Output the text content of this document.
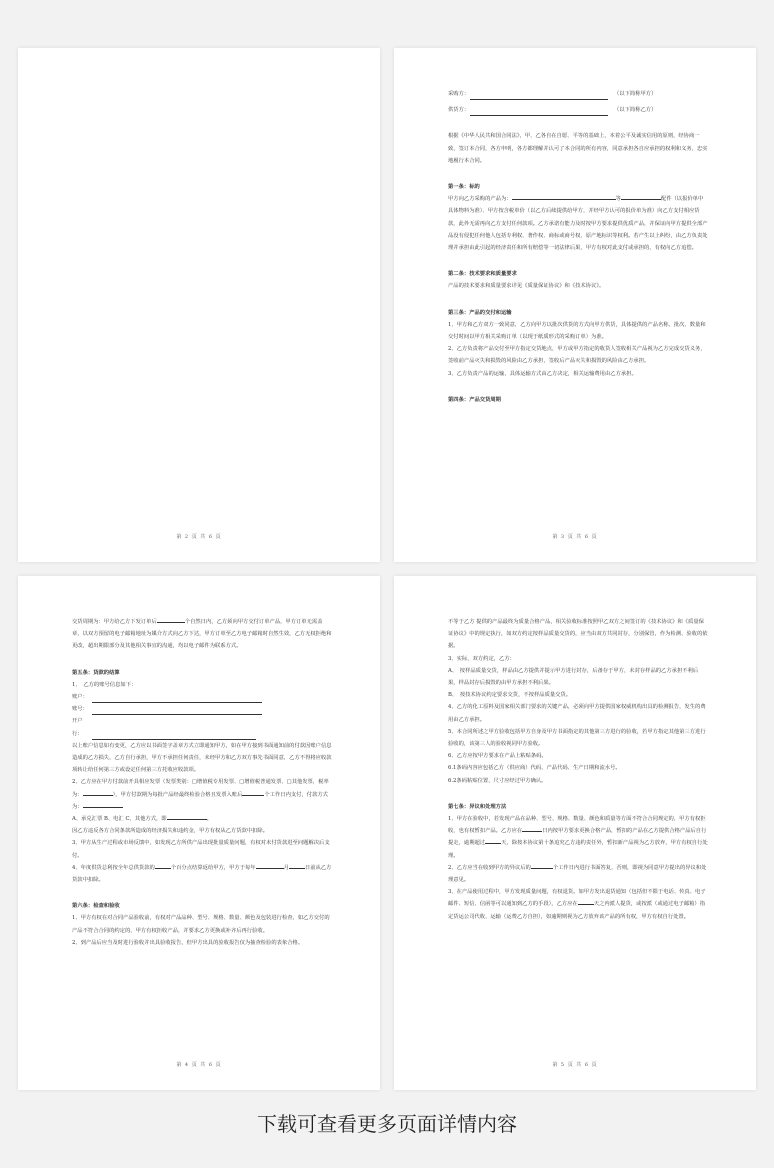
第 2 页 共 6 页
采购方：	（以下简称甲方）
供货方：	（以下简称乙方）

根据《中华人民共和国合同法》，甲、乙各自在自愿、平等的基础上，本着公平及诚实信用的原则，经协商一致，签订本合同，各方申明，各方都理解并认可了本合同的所有内容，同意承担各自应承担的权利和义务，忠实地履行本合同。

第一条：标的

甲方向乙方采购的产品为：	等	配件（以报价单中具体物料为准）、甲方按含税单价（以乙方后续提供给甲方，并经甲方认可的报价单为准）向乙方支付相应货款，此外无需再向乙方支付任何款项。乙方承诺有能力及时按甲方要求提供优质产品，并保证向甲方提供全部产品没有侵犯任何他人包括专利权、著作权、商标或商号权、原产地标识等权利。若产生以上纠纷，由乙方负责处理并承担由此引起的经济责任和所有赔偿等一切法律后果，甲方有权对此支付或承担的，有权向乙方追偿。

第二条：技术要求和质量要求

产品的技术要求和质量要求详见《质量保证协议》和《技术协议》。

第三条：产品的交付和运输

1、甲方和乙方双方一致同意，乙方向甲方以批次供货的方式向甲方供货，具体提供的产品名称、批次、数量和交付时间以甲方相关采购订单（以现于纸质形式的采购订单）为准。

2、乙方负责将产品交付至甲方指定交货地点，甲方或甲方指定的收货人签收相关产品视为乙方完成交货义务，签收前产品灭失和损毁的风险由乙方承担，签收后产品灭失和损毁的风险由乙方承担。

3、乙方负责产品的运输，具体运输方式由乙方决定，相关运输费用由乙方承担。

第四条：产品交货周期

第 3 页 共 6 页

交货周期为：甲方给乙方下发订单后	个自然日内，乙方须向甲方交付订单产品，甲方订单无需盖章，以双方预留的电子邮箱地址为媒介方式向乙方下达，甲方订单至乙方电子邮箱时自然生效，乙方无权拒绝和更改，超出期限部分及其他相关事宜的沟通，均以电子邮件为联系方式。

第五条：货款的结算

1、　乙方的账号信息如下：

账户：
账号：
开户行：

以上账户信息如有变更，乙方应以书面签字盖章方式立即通知甲方，如在甲方接到书面通知前的付款因账户信息造成的乙方损失，乙方自行承担，甲方不承担任何责任，未经甲方和乙方双方事先书面同意，乙方不得将应收款项转让给任何第三方或设定任何第三方托收应收款项。

2、乙方应在甲方付款前开具相应发票（发票类别：□增值税专用发票、□增值税普通发票、□其他发票，税率为：	），甲方付款期为每批产品经最终检验合格且发票入账后	个工作日内支付，付款方式为：

A、承兑汇票 B、电汇 C、其他方式，即	。

因乙方违反各方合同条款所造成的经济损失和违约金，甲方有权从乙方货款中扣除。

3、甲方从生产过程或市场反馈中，如发现乙方所供产品出现批量质量问题，有权对未付货款进至问题解决后支付。

4、年度供货总利按全年总供货款的	个百分点结算返给甲方，甲方于每年	月	日前从乙方货款中扣除。

第六条：检查和验收

1、甲方有权在对合同产品验收前，有权对产品品种、型号、规格、数量、颜色及包装进行检查，如乙方交付的产品不符合合同的约定的，甲方有权拒收产品，并要求乙方更换或补齐后再行验收。

2、到产品后应当及时进行验收并出具验收报告，但甲方出具的验收报告仅为抽查检验的表象合格。

第 4 页 共 6 页

不等于乙方 提供的产品最终为质量合格产品，相关验收标准按照甲乙双方之间签订的《技术协议》和《质量保证协议》中的规定执行，如双方约定按样品质量交货的，应当由双方共同封存，分别保管，作为检测、验收的依据。

3、实际，双方约定，乙方：

A、　按样品质量交货，样品由乙方提供并提示甲方进行封存，后备存于甲方，未封存样品的乙方承担不利后果，样品封存后损毁的由甲方承担不利后果。

B、　按技术协议约定要求交货，不按样品质量交货。

4、乙方的化工原料及国家相关部门要求的关键产品，必须向甲方提供国家权威机构出具的检测报告，发生的费用由乙方承担。

5、本合同所述之甲方验收包括甲方自身及甲方书面指定的其他第三方进行的验收，若甲方指定其他第三方进行验收的，该第三人的验收视同甲方验收。

6、乙方应按甲方要求在产品上粘贴条码。

6.1条码内容应包括乙方（供应商）代码、产品代码、生产日期和流水号。

6.2条码粘贴位置，尺寸应经过甲方确认。

第七条：异议和处理方法

1、甲方在验收中，若发现产品在品种、型号、规格、数量、颜色和质量等方面不符合合同规定的，甲方有权拒收，也有权暂扣产品。乙方应在	日内按甲方要求更换合格产品，暂扣的产品在乙方提供合格产品后自行提走，逾期超过	天，除按本协议第十条追究乙方违约责任外，暂扣新产品视为乙方放弃，甲方有权自行处理。

2、乙方应当在收到甲方的异议后的	个工作日内进行书面答复，否则，即视为同意甲方提出的异议和处理意见。

3、在产品使用过程中，甲方发现质量问题，有权退货。如甲方发出退货通知（包括但不限于电话、传真、电子邮件、短信、信函等可以通知到乙方的手段），乙方应在	天之内派人提货，或按派（或通过电子邮箱）指定货运公司代收、运输（运费乙方自担），如逾期则视为乙方放弃该产品的所有权，甲方有权自行处置。

第 5 页 共 6 页
下载可查看更多页面详情内容
